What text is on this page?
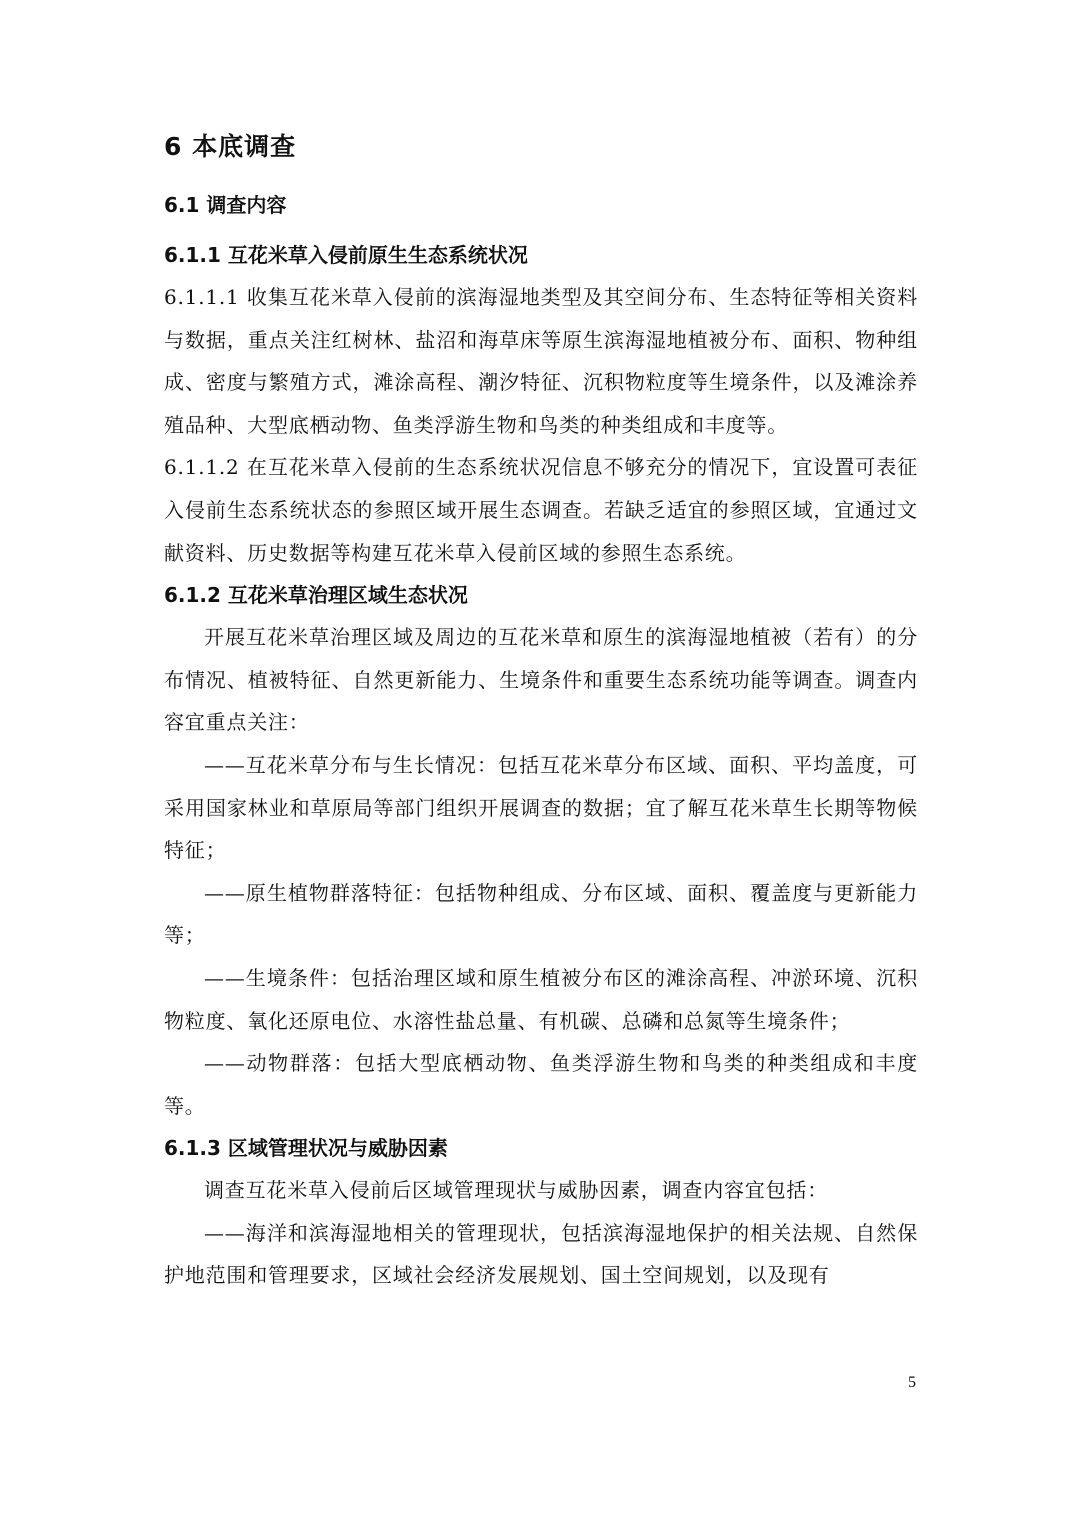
6 本底调查
6.1 调查内容
6.1.1 互花米草入侵前原生生态系统状况

6.1.1.1 收集互花米草入侵前的滨海湿地类型及其空间分布、生态特征等相关资料与数据，重点关注红树林、盐沼和海草床等原生滨海湿地植被分布、面积、物种组成、密度与繁殖方式，滩涂高程、潮汐特征、沉积物粒度等生境条件，以及滩涂养殖品种、大型底栖动物、鱼类浮游生物和鸟类的种类组成和丰度等。

6.1.1.2 在互花米草入侵前的生态系统状况信息不够充分的情况下，宜设置可表征入侵前生态系统状态的参照区域开展生态调查。若缺乏适宜的参照区域，宜通过文献资料、历史数据等构建互花米草入侵前区域的参照生态系统。

6.1.2 互花米草治理区域生态状况

开展互花米草治理区域及周边的互花米草和原生的滨海湿地植被（若有）的分布情况、植被特征、自然更新能力、生境条件和重要生态系统功能等调查。调查内容宜重点关注：

——互花米草分布与生长情况：包括互花米草分布区域、面积、平均盖度，可采用国家林业和草原局等部门组织开展调查的数据；宜了解互花米草生长期等物候特征；

——原生植物群落特征：包括物种组成、分布区域、面积、覆盖度与更新能力等；

——生境条件：包括治理区域和原生植被分布区的滩涂高程、冲淤环境、沉积物粒度、氧化还原电位、水溶性盐总量、有机碳、总磷和总氮等生境条件；

——动物群落：包括大型底栖动物、鱼类浮游生物和鸟类的种类组成和丰度等。

6.1.3 区域管理状况与威胁因素

调查互花米草入侵前后区域管理现状与威胁因素，调查内容宜包括：

——海洋和滨海湿地相关的管理现状，包括滨海湿地保护的相关法规、自然保护地范围和管理要求，区域社会经济发展规划、国土空间规划，以及现有

5
